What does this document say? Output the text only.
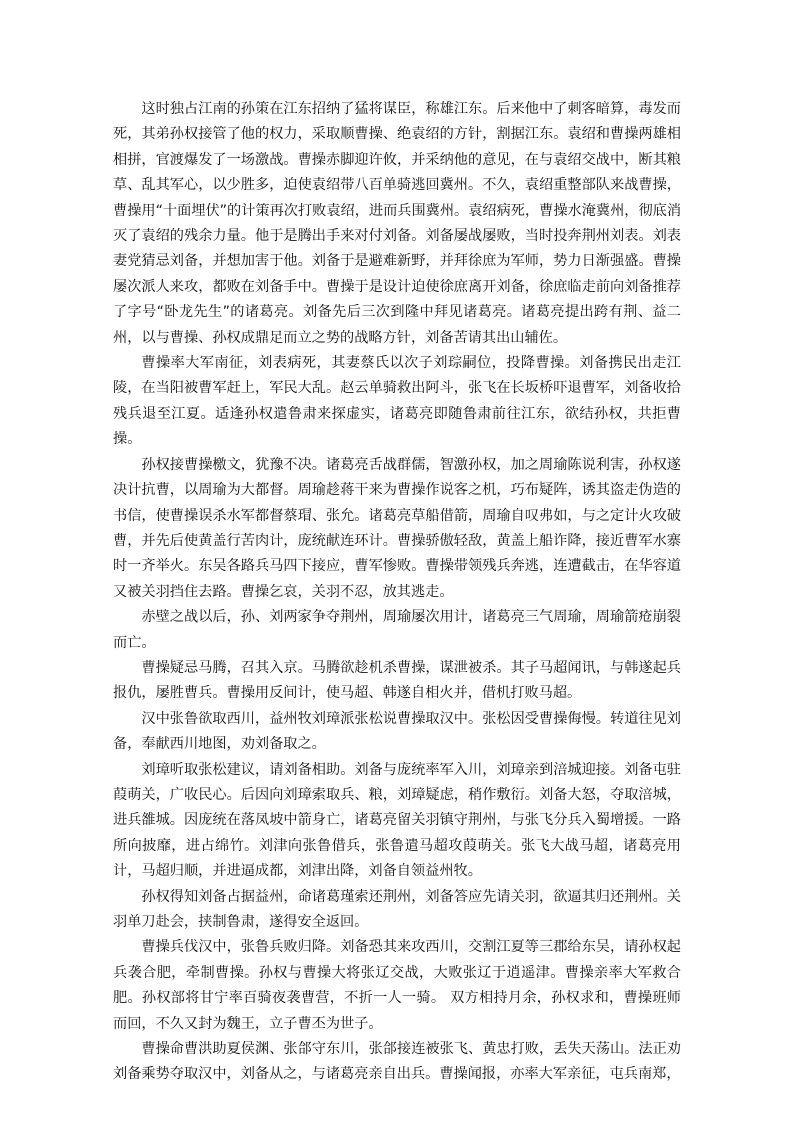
这时独占江南的孙策在江东招纳了猛将谋臣，称雄江东。后来他中了刺客暗算，毒发而死，其弟孙权接管了他的权力，采取顺曹操、绝袁绍的方针，割据江东。袁绍和曹操两雄相相拼，官渡爆发了一场激战。曹操赤脚迎许攸，并采纳他的意见，在与袁绍交战中，断其粮草、乱其军心，以少胜多，迫使袁绍带八百单骑逃回冀州。不久，袁绍重整部队来战曹操，曹操用“十面埋伏”的计策再次打败袁绍，进而兵围冀州。袁绍病死，曹操水淹冀州，彻底消灭了袁绍的残余力量。他于是腾出手来对付刘备。刘备屡战屡败，当时投奔荆州刘表。刘表妻党猜忌刘备，并想加害于他。刘备于是避难新野，并拜徐庶为军师，势力日渐强盛。曹操屡次派人来攻，都败在刘备手中。曹操于是设计迫使徐庶离开刘备，徐庶临走前向刘备推荐了字号“卧龙先生”的诸葛亮。刘备先后三次到隆中拜见诸葛亮。诸葛亮提出跨有荆、益二州，以与曹操、孙权成鼎足而立之势的战略方针，刘备苦请其出山辅佐。

曹操率大军南征，刘表病死，其妻蔡氏以次子刘琮嗣位，投降曹操。刘备携民出走江陵，在当阳被曹军赶上，军民大乱。赵云单骑救出阿斗，张飞在长坂桥吓退曹军，刘备收拾残兵退至江夏。适逢孙权遣鲁肃来探虚实，诸葛亮即随鲁肃前往江东，欲结孙权，共拒曹操。

孙权接曹操檄文，犹豫不决。诸葛亮舌战群儒，智激孙权，加之周瑜陈说利害，孙权遂决计抗曹，以周瑜为大都督。周瑜趁蒋干来为曹操作说客之机，巧布疑阵，诱其盗走伪造的书信，使曹操误杀水军都督蔡瑁、张允。诸葛亮草船借箭，周瑜自叹弗如，与之定计火攻破曹，并先后使黄盖行苦肉计，庞统献连环计。曹操骄傲轻敌，黄盖上船诈降，接近曹军水寨时一齐举火。东吴各路兵马四下接应，曹军惨败。曹操带领残兵奔逃，连遭截击，在华容道又被关羽挡住去路。曹操乞哀，关羽不忍，放其逃走。

赤壁之战以后，孙、刘两家争夺荆州，周瑜屡次用计，诸葛亮三气周瑜，周瑜箭疮崩裂而亡。

曹操疑忌马腾，召其入京。马腾欲趁机杀曹操，谋泄被杀。其子马超闻讯，与韩遂起兵报仇，屡胜曹兵。曹操用反间计，使马超、韩遂自相火并，借机打败马超。

汉中张鲁欲取西川，益州牧刘璋派张松说曹操取汉中。张松因受曹操侮慢。转道往见刘备，奉献西川地图，劝刘备取之。

刘璋听取张松建议，请刘备相助。刘备与庞统率军入川，刘璋亲到涪城迎接。刘备屯驻葭萌关，广收民心。后因向刘璋索取兵、粮，刘璋疑虑，稍作敷衍。刘备大怒，夺取涪城，进兵雒城。因庞统在落凤坡中箭身亡，诸葛亮留关羽镇守荆州，与张飞分兵入蜀增援。一路所向披靡，进占绵竹。刘津向张鲁借兵，张鲁遣马超攻葭萌关。张飞大战马超，诸葛亮用计，马超归顺，并进逼成都，刘津出降，刘备自领益州牧。

孙权得知刘备占据益州，命诸葛瑾索还荆州，刘备答应先请关羽，欲逼其归还荆州。关羽单刀赴会，挟制鲁肃，遂得安全返回。

曹操兵伐汉中，张鲁兵败归降。刘备恐其来攻西川，交割江夏等三郡给东吴，请孙权起兵袭合肥，牵制曹操。孙权与曹操大将张辽交战，大败张辽于逍遥津。曹操亲率大军救合肥。孙权部将甘宁率百骑夜袭曹营，不折一人一骑。 双方相持月余，孙权求和，曹操班师而回，不久又封为魏王，立子曹丕为世子。

曹操命曹洪助夏侯渊、张郃守东川，张郃接连被张飞、黄忠打败，丢失天荡山。法正劝刘备乘势夺取汉中，刘备从之，与诸葛亮亲自出兵。曹操闻报，亦率大军亲征，屯兵南郑，
